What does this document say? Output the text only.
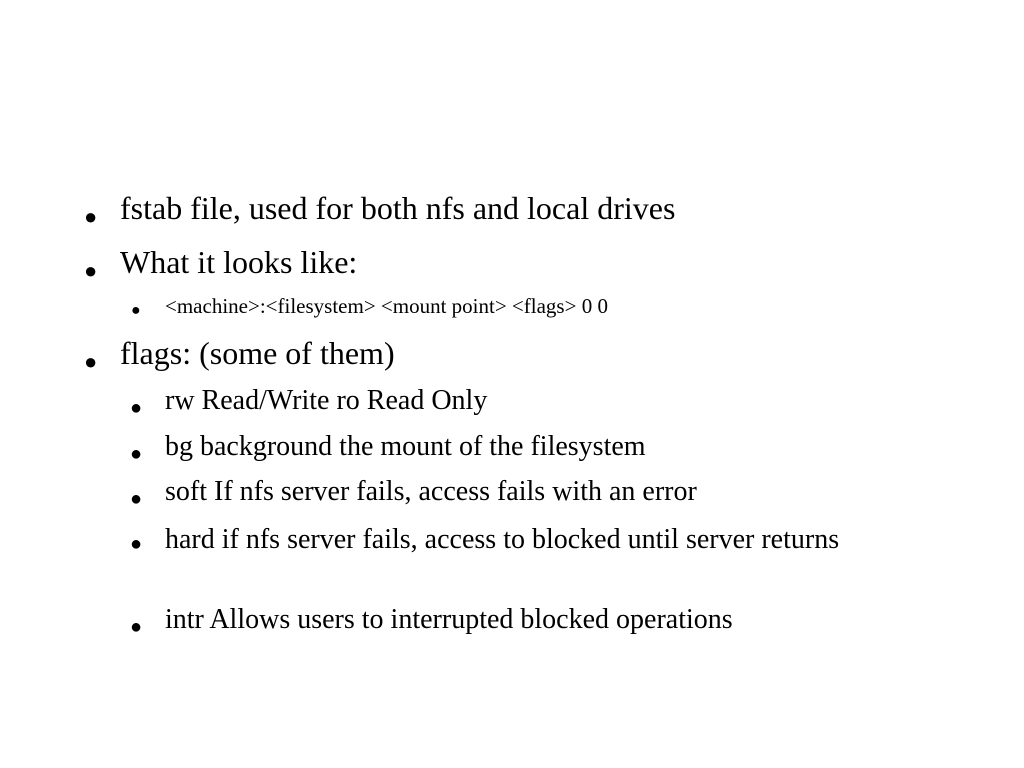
● fstab file, used for both nfs and local drives
● What it looks like:
● <machine>:<filesystem> <mount point> <flags> 0 0
● flags: (some of them)
● rw Read/Write ro Read Only
● bg background the mount of the filesystem
● soft If nfs server fails, access fails with an error
● hard if nfs server fails, access to blocked until server returns
● intr Allows users to interrupted blocked operations
